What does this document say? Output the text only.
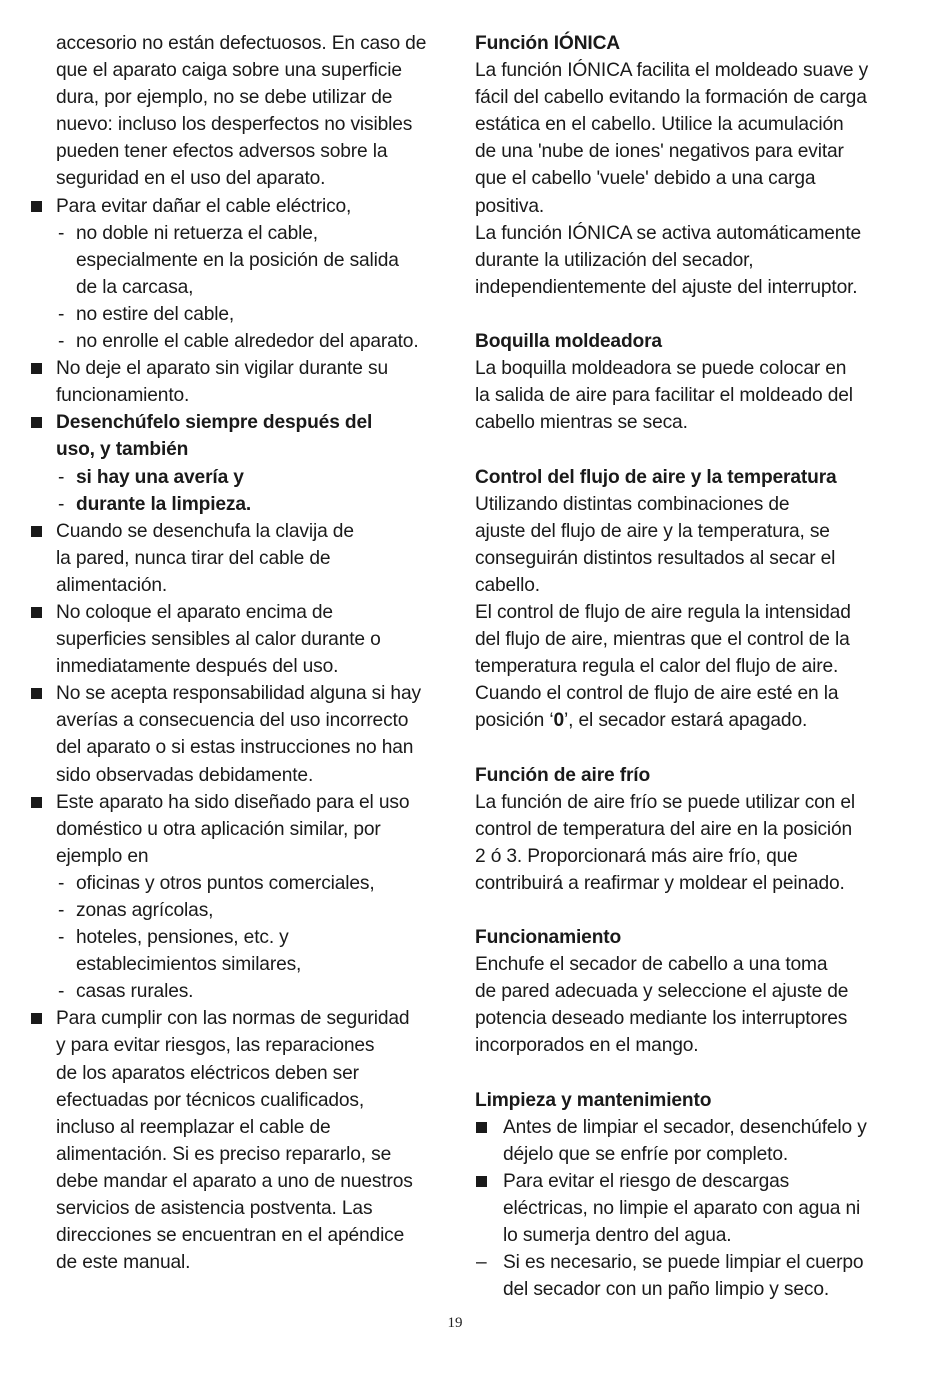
accesorio no están defectuosos. En caso de
que el aparato caiga sobre una superficie
dura, por ejemplo, no se debe utilizar de
nuevo: incluso los desperfectos no visibles
pueden tener efectos adversos sobre la
seguridad en el uso del aparato.
Para evitar dañar el cable eléctrico,
- no doble ni retuerza el cable,
especialmente en la posición de salida
de la carcasa,
- no estire del cable,
- no enrolle el cable alrededor del aparato.
No deje el aparato sin vigilar durante su
funcionamiento.
Desenchúfelo siempre después del
uso, y también
- si hay una avería y
- durante la limpieza.
Cuando se desenchufa la clavija de
la pared, nunca tirar del cable de
alimentación.
No coloque el aparato encima de
superficies sensibles al calor durante o
inmediatamente después del uso.
No se acepta responsabilidad alguna si hay
averías a consecuencia del uso incorrecto
del aparato o si estas instrucciones no han
sido observadas debidamente.
Este aparato ha sido diseñado para el uso
doméstico u otra aplicación similar, por
ejemplo en
- oficinas y otros puntos comerciales,
- zonas agrícolas,
- hoteles, pensiones, etc. y
establecimientos similares,
- casas rurales.
Para cumplir con las normas de seguridad
y para evitar riesgos, las reparaciones
de los aparatos eléctricos deben ser
efectuadas por técnicos cualificados,
incluso al reemplazar el cable de
alimentación. Si es preciso repararlo, se
debe mandar el aparato a uno de nuestros
servicios de asistencia postventa. Las
direcciones se encuentran en el apéndice
de este manual.
Función IÓNICA
La función IÓNICA facilita el moldeado suave y
fácil del cabello evitando la formación de carga
estática en el cabello. Utilice la acumulación
de una 'nube de iones' negativos para evitar
que el cabello 'vuele' debido a una carga
positiva.
La función IÓNICA se activa automáticamente
durante la utilización del secador,
independientemente del ajuste del interruptor.
Boquilla moldeadora
La boquilla moldeadora se puede colocar en
la salida de aire para facilitar el moldeado del
cabello mientras se seca.
Control del flujo de aire y la temperatura
Utilizando distintas combinaciones de
ajuste del flujo de aire y la temperatura, se
conseguirán distintos resultados al secar el
cabello.
El control de flujo de aire regula la intensidad
del flujo de aire, mientras que el control de la
temperatura regula el calor del flujo de aire.
Cuando el control de flujo de aire esté en la
posición ‘0’, el secador estará apagado.
Función de aire frío
La función de aire frío se puede utilizar con el
control de temperatura del aire en la posición
2 ó 3. Proporcionará más aire frío, que
contribuirá a reafirmar y moldear el peinado.
Funcionamiento
Enchufe el secador de cabello a una toma
de pared adecuada y seleccione el ajuste de
potencia deseado mediante los interruptores
incorporados en el mango.
Limpieza y mantenimiento
Antes de limpiar el secador, desenchúfelo y
déjelo que se enfríe por completo.
Para evitar el riesgo de descargas
eléctricas, no limpie el aparato con agua ni
lo sumerja dentro del agua.
– Si es necesario, se puede limpiar el cuerpo
del secador con un paño limpio y seco.
19
